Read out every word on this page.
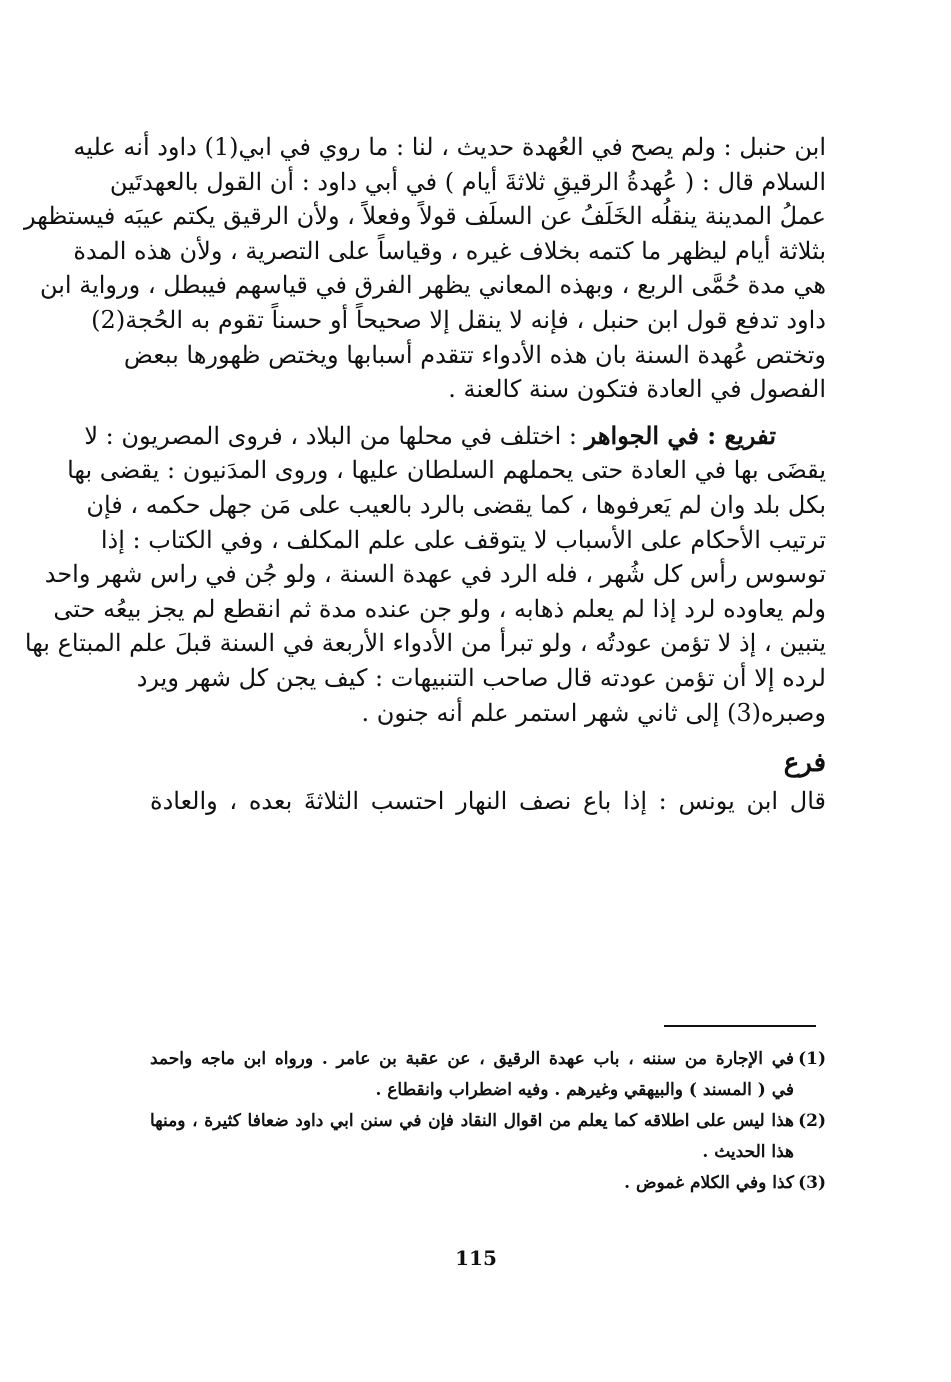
ابن حنبل : ولم يصح في العُهدة حديث ، لنا : ما روي في ابي(1) داود أنه عليه
السلام قال : ( عُهدةُ الرقيقِ ثلاثةَ أيام ) في أبي داود : أن القول بالعهدتَين
عملُ المدينة ينقلُه الخَلَفُ عن السلَف قولاً وفعلاً ، ولأن الرقيق يكتم عيبَه فيستظهر
بثلاثة أيام ليظهر ما كتمه بخلاف غيره ، وقياساً على التصرية ، ولأن هذه المدة
هي مدة حُمَّى الربع ، وبهذه المعاني يظهر الفرق في قياسهم فيبطل ، ورواية ابن
داود تدفع قول ابن حنبل ، فإنه لا ينقل إلا صحيحاً أو حسناً تقوم به الحُجة(2)
وتختص عُهدة السنة بان هذه الأدواء تتقدم أسبابها ويختص ظهورها ببعض
الفصول في العادة فتكون سنة كالعنة .
تفريع : في الجواهر : اختلف في محلها من البلاد ، فروى المصريون : لا
يقضَى بها في العادة حتى يحملهم السلطان عليها ، وروى المدَنيون : يقضى بها
بكل بلد وان لم يَعرفوها ، كما يقضى بالرد بالعيب على مَن جهل حكمه ، فإن
ترتيب الأحكام على الأسباب لا يتوقف على علم المكلف ، وفي الكتاب : إذا
توسوس رأس كل شُهر ، فله الرد في عهدة السنة ، ولو جُن في راس شهر واحد
ولم يعاوده لرد إذا لم يعلم ذهابه ، ولو جن عنده مدة ثم انقطع لم يجز بيعُه حتى
يتبين ، إذ لا تؤمن عودتُه ، ولو تبرأ من الأدواء الأربعة في السنة قبلَ علم المبتاع بها
لرده إلا أن تؤمن عودته قال صاحب التنبيهات : كيف يجن كل شهر ويرد
وصبره(3) إلى ثاني شهر استمر علم أنه جنون .
فرع
قال ابن يونس : إذا باع نصف النهار احتسب الثلاثةَ بعده ، والعادة
(1)
في الإجارة من سننه ، باب عهدة الرقيق ، عن عقبة بن عامر . ورواه ابن ماجه واحمد
في ( المسند ) والبيهقي وغيرهم . وفيه اضطراب وانقطاع .
(2)
هذا ليس على اطلاقه كما يعلم من اقوال النقاد فإن في سنن ابي داود ضعافا كثيرة ، ومنها
هذا الحديث .
(3)
كذا وفي الكلام غموض .
115
